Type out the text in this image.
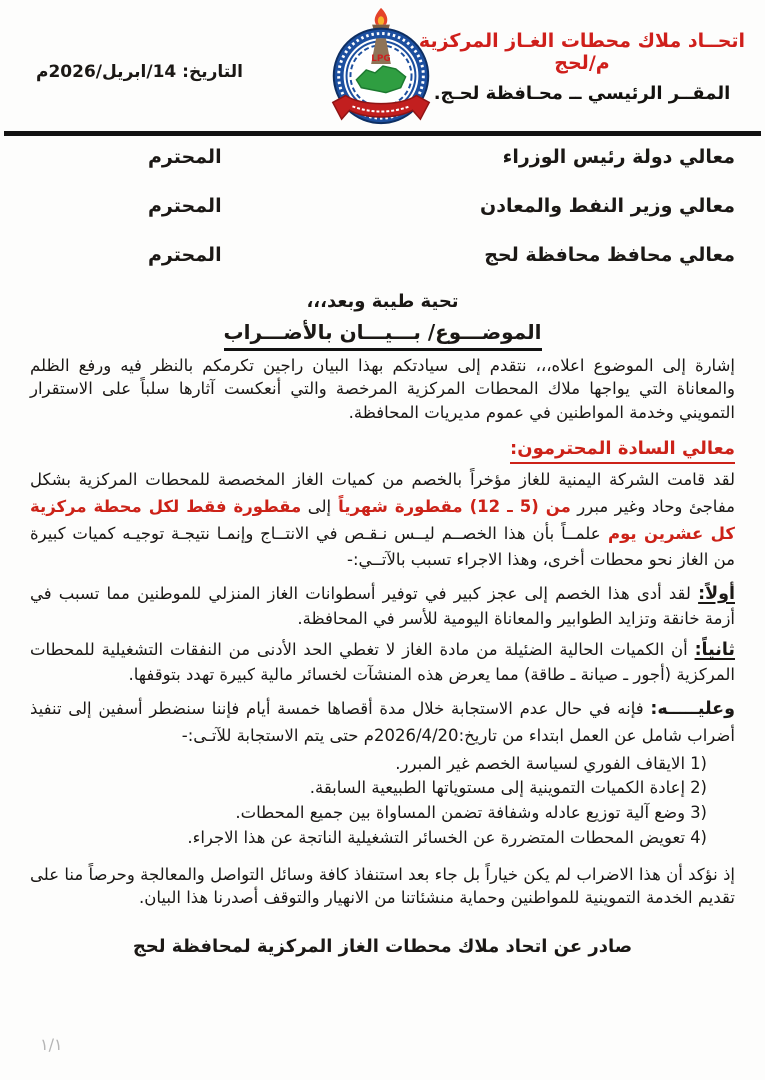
اتحــاد ملاك محطات الغـاز المركزية م/لحج
المقــر الرئيسي ــ محـافظة لحـج.
LPG
التاريخ: 14/ابريل/2026م
معالي دولة رئيس الوزراء
المحترم
معالي وزير النفط والمعادن
المحترم
معالي محافظ محافظة لحج
المحترم
تحية طيبة وبعد،،،
الموضـــوع/ بـــيـــان بالأضـــراب

إشارة إلى الموضوع اعلاه،،، نتقدم إلى سيادتكم بهذا البيان راجين تكرمكم بالنظر فيه ورفع الظلم والمعاناة التي يواجها ملاك المحطات المركزية المرخصة والتي أنعكست آثارها سلباً على الاستقرار التمويني وخدمة المواطنين في عموم مديريات المحافظة.

معالي السادة المحترمون:

لقد قامت الشركة اليمنية للغاز مؤخراً بالخصم من كميات الغاز المخصصة للمحطات المركزية بشكل مفاجئ وحاد وغير مبرر من (5 ـ 12) مقطورة شهرياً إلى مقطورة فقط لكل محطة مركزية كل عشرين يوم علمــاً بأن هذا الخصــم ليــس نـقـص في الانتــاج وإنمـا نتيجـة توجيـه كميات كبيرة من الغاز نحو محطات أخرى، وهذا الاجراء تسبب بالآتــي:-

أولاً: لقد أدى هذا الخصم إلى عجز كبير في توفير أسطوانات الغاز المنزلي للموطنين مما تسبب في أزمة خانقة وتزايد الطوابير والمعاناة اليومية للأسر في المحافظة.

ثانياً: أن الكميات الحالية الضئيلة من مادة الغاز لا تغطي الحد الأدنى من النفقات التشغيلية للمحطات المركزية (أجور ـ صيانة ـ طاقة) مما يعرض هذه المنشآت لخسائر مالية كبيرة تهدد بتوقفها.

وعليـــــه: فإنه في حال عدم الاستجابة خلال مدة أقصاها خمسة أيام فإننا سنضطر أسفين إلى تنفيذ أضراب شامل عن العمل ابتداء من تاريخ:2026/4/20م حتى يتم الاستجابة للآتـى:-

1)الايقاف الفوري لسياسة الخصم غير المبرر.
2)إعادة الكميات التموينية إلى مستوياتها الطبيعية السابقة.
3)وضع آلية توزيع عادله وشفافة تضمن المساواة بين جميع المحطات.
4)تعويض المحطات المتضررة عن الخسائر التشغيلية الناتجة عن هذا الاجراء.

إذ نؤكد أن هذا الاضراب لم يكن خياراً بل جاء بعد استنفاذ كافة وسائل التواصل والمعالجة وحرصاً منا على تقديم الخدمة التموينية للمواطنين وحماية منشئاتنا من الانهيار والتوقف أصدرنا هذا البيان.

صادر عن اتحاد ملاك محطات الغاز المركزية لمحافظة لحج
١/١
